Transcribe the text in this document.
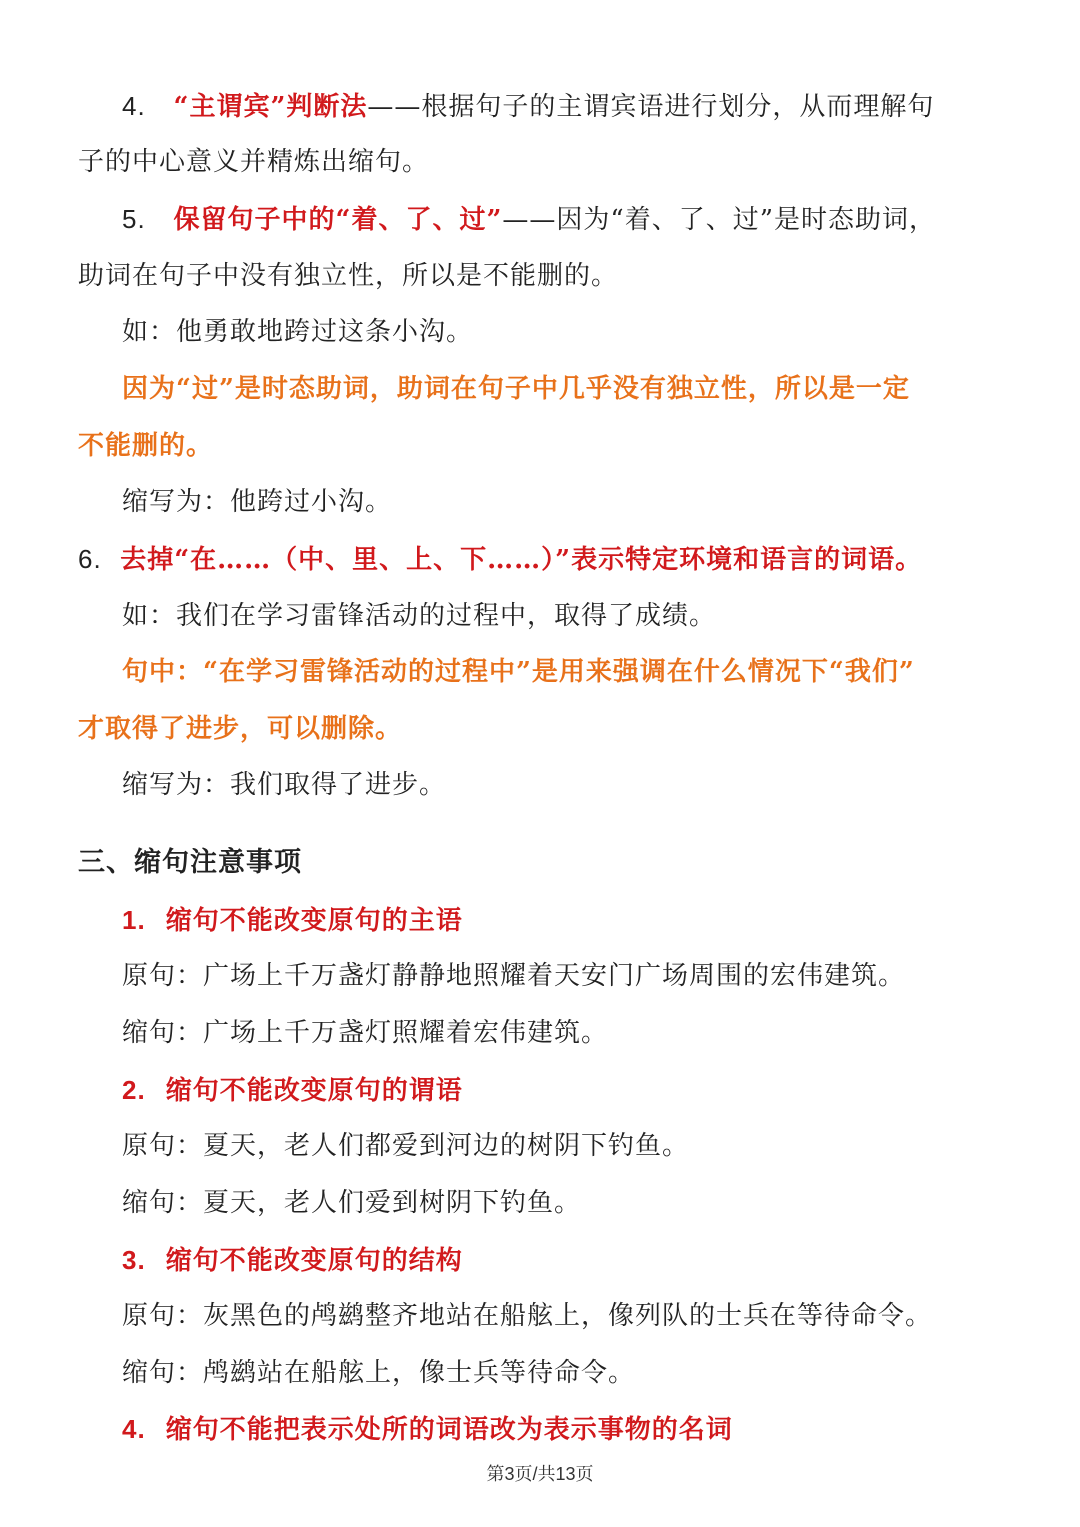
4. “主谓宾”判断法——根据句子的主谓宾语进行划分，从而理解句
子的中心意义并精炼出缩句。
5. 保留句子中的“着、了、过”——因为“着、了、过”是时态助词，
助词在句子中没有独立性，所以是不能删的。
如：他勇敢地跨过这条小沟。
因为“过”是时态助词，助词在句子中几乎没有独立性，所以是一定
不能删的。
缩写为：他跨过小沟。
6. 去掉“在……（中、里、上、下……）”表示特定环境和语言的词语。
如：我们在学习雷锋活动的过程中，取得了成绩。
句中：“在学习雷锋活动的过程中”是用来强调在什么情况下“我们”
才取得了进步，可以删除。
缩写为：我们取得了进步。
三、缩句注意事项
1. 缩句不能改变原句的主语
原句：广场上千万盏灯静静地照耀着天安门广场周围的宏伟建筑。
缩句：广场上千万盏灯照耀着宏伟建筑。
2. 缩句不能改变原句的谓语
原句：夏天，老人们都爱到河边的树阴下钓鱼。
缩句：夏天，老人们爱到树阴下钓鱼。
3. 缩句不能改变原句的结构
原句：灰黑色的鸬鹚整齐地站在船舷上，像列队的士兵在等待命令。
缩句：鸬鹚站在船舷上，像士兵等待命令。
4. 缩句不能把表示处所的词语改为表示事物的名词
第3页/共13页
